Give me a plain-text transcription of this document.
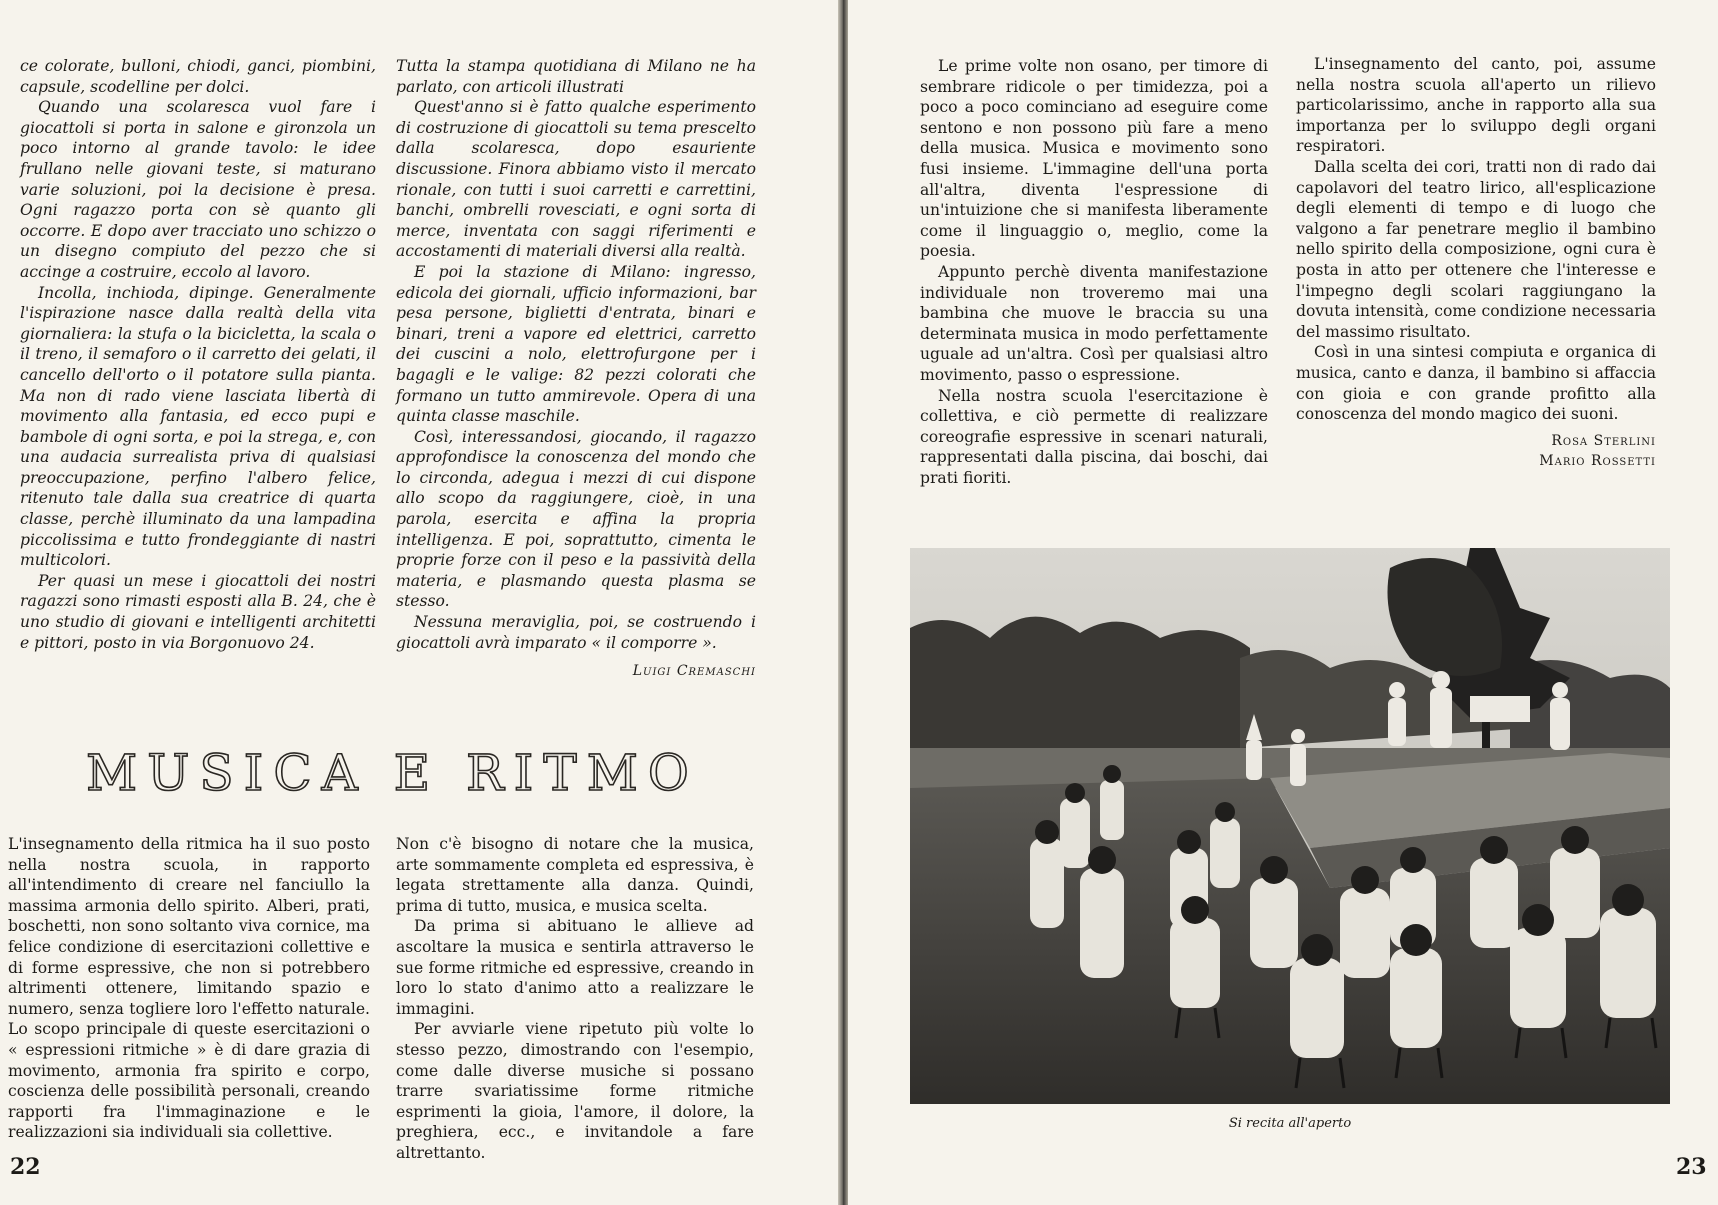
ce colorate, bulloni, chiodi, ganci, piombini, capsule, scodelline per dolci.

Quando una scolaresca vuol fare i giocattoli si porta in salone e gironzola un poco intorno al grande tavolo: le idee frullano nelle giovani teste, si maturano varie soluzioni, poi la decisione è presa. Ogni ragazzo porta con sè quanto gli occorre. E dopo aver tracciato uno schizzo o un disegno compiuto del pezzo che si accinge a costruire, eccolo al lavoro.

Incolla, inchioda, dipinge. Generalmente l'ispirazione nasce dalla realtà della vita giornaliera: la stufa o la bicicletta, la scala o il treno, il semaforo o il carretto dei gelati, il cancello dell'orto o il potatore sulla pianta. Ma non di rado viene lasciata libertà di movimento alla fantasia, ed ecco pupi e bambole di ogni sorta, e poi la strega, e, con una audacia surrealista priva di qualsiasi preoccupazione, perfino l'albero felice, ritenuto tale dalla sua creatrice di quarta classe, perchè illuminato da una lampadina piccolissima e tutto frondeggiante di nastri multicolori.

Per quasi un mese i giocattoli dei nostri ragazzi sono rimasti esposti alla B. 24, che è uno studio di giovani e intelligenti architetti e pittori, posto in via Borgonuovo 24.

Tutta la stampa quotidiana di Milano ne ha parlato, con articoli illustrati

Quest'anno si è fatto qualche esperimento di costruzione di giocattoli su tema prescelto dalla scolaresca, dopo esauriente discussione. Finora abbiamo visto il mercato rionale, con tutti i suoi carretti e carrettini, banchi, ombrelli rovesciati, e ogni sorta di merce, inventata con saggi riferimenti e accostamenti di materiali diversi alla realtà.

E poi la stazione di Milano: ingresso, edicola dei giornali, ufficio informazioni, bar pesa persone, biglietti d'entrata, binari e binari, treni a vapore ed elettrici, carretto dei cuscini a nolo, elettrofurgone per i bagagli e le valige: 82 pezzi colorati che formano un tutto ammirevole. Opera di una quinta classe maschile.

Così, interessandosi, giocando, il ragazzo approfondisce la conoscenza del mondo che lo circonda, adegua i mezzi di cui dispone allo scopo da raggiungere, cioè, in una parola, esercita e affina la propria intelligenza. E poi, soprattutto, cimenta le proprie forze con il peso e la passività della materia, e plasmando questa plasma se stesso.

Nessuna meraviglia, poi, se costruendo i giocattoli avrà imparato « il comporre ».

Luigi Cremaschi

MUSICA E RITMO

L'insegnamento della ritmica ha il suo posto nella nostra scuola, in rapporto all'intendimento di creare nel fanciullo la massima armonia dello spirito. Alberi, prati, boschetti, non sono soltanto viva cornice, ma felice condizione di esercitazioni collettive e di forme espressive, che non si potrebbero altrimenti ottenere, limitando spazio e numero, senza togliere loro l'effetto naturale. Lo scopo principale di queste esercitazioni o « espressioni ritmiche » è di dare grazia di movimento, armonia fra spirito e corpo, coscienza delle possibilità personali, creando rapporti fra l'immaginazione e le realizzazioni sia individuali sia collettive.

Non c'è bisogno di notare che la musica, arte sommamente completa ed espressiva, è legata strettamente alla danza. Quindi, prima di tutto, musica, e musica scelta.

Da prima si abituano le allieve ad ascoltare la musica e sentirla attraverso le sue forme ritmiche ed espressive, creando in loro lo stato d'animo atto a realizzare le immagini.

Per avviarle viene ripetuto più volte lo stesso pezzo, dimostrando con l'esempio, come dalle diverse musiche si possano trarre svariatissime forme ritmiche esprimenti la gioia, l'amore, il dolore, la preghiera, ecc., e invitandole a fare altrettanto.

22

Le prime volte non osano, per timore di sembrare ridicole o per timidezza, poi a poco a poco cominciano ad eseguire come sentono e non possono più fare a meno della musica. Musica e movimento sono fusi insieme. L'immagine dell'una porta all'altra, diventa l'espressione di un'intuizione che si manifesta liberamente come il linguaggio o, meglio, come la poesia.

Appunto perchè diventa manifestazione individuale non troveremo mai una bambina che muove le braccia su una determinata musica in modo perfettamente uguale ad un'altra. Così per qualsiasi altro movimento, passo o espressione.

Nella nostra scuola l'esercitazione è collettiva, e ciò permette di realizzare coreografie espressive in scenari naturali, rappresentati dalla piscina, dai boschi, dai prati fioriti.

L'insegnamento del canto, poi, assume nella nostra scuola all'aperto un rilievo particolarissimo, anche in rapporto alla sua importanza per lo sviluppo degli organi respiratori.

Dalla scelta dei cori, tratti non di rado dai capolavori del teatro lirico, all'esplicazione degli elementi di tempo e di luogo che valgono a far penetrare meglio il bambino nello spirito della composizione, ogni cura è posta in atto per ottenere che l'interesse e l'impegno degli scolari raggiungano la dovuta intensità, come condizione necessaria del massimo risultato.

Così in una sintesi compiuta e organica di musica, canto e danza, il bambino si affaccia con gioia e con grande profitto alla conoscenza del mondo magico dei suoni.

Rosa Sterlini

Mario Rossetti

23
Si recita all'aperto
